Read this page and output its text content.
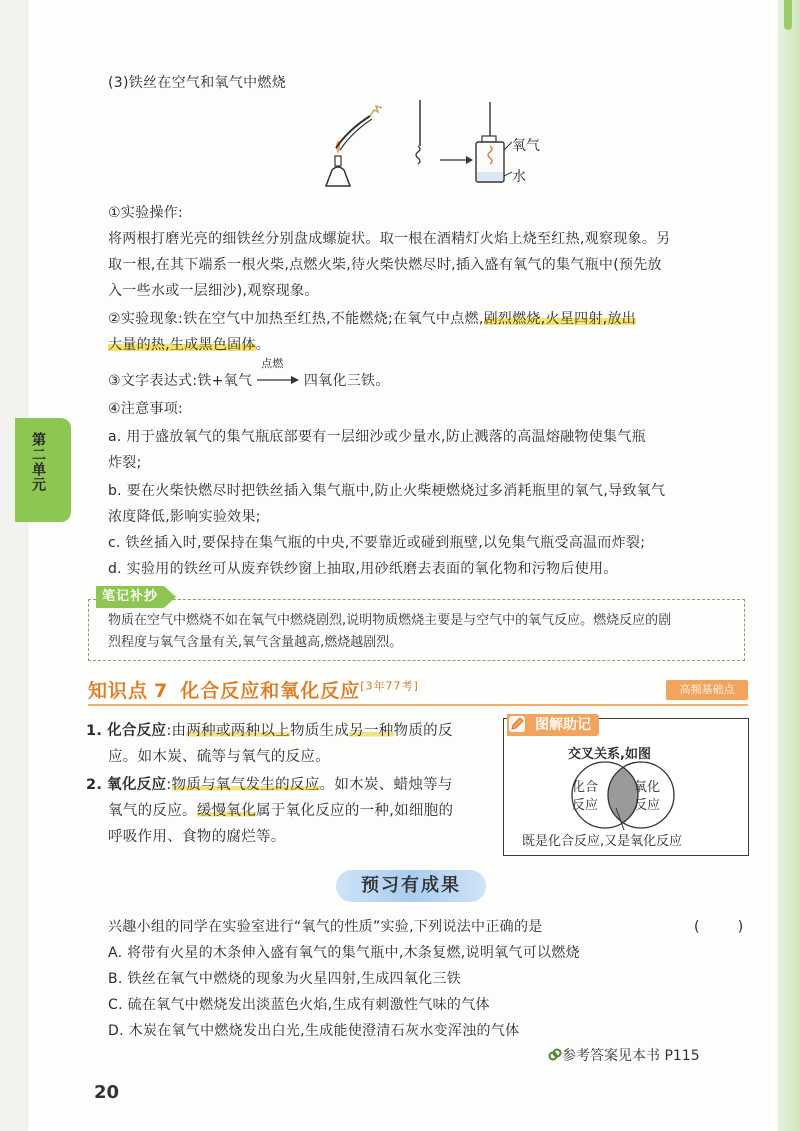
(3)铁丝在空气和氧气中燃烧
氧气
水
①实验操作:
将两根打磨光亮的细铁丝分别盘成螺旋状。取一根在酒精灯火焰上烧至红热,观察现象。另
取一根,在其下端系一根火柴,点燃火柴,待火柴快燃尽时,插入盛有氧气的集气瓶中(预先放
入一些水或一层细沙),观察现象。
②实验现象:铁在空气中加热至红热,不能燃烧;在氧气中点燃,剧烈燃烧,火星四射,放出
大量的热,生成黑色固体。
③文字表达式:铁+氧气
点燃
四氧化三铁。
④注意事项:
a. 用于盛放氧气的集气瓶底部要有一层细沙或少量水,防止溅落的高温熔融物使集气瓶
炸裂;
b. 要在火柴快燃尽时把铁丝插入集气瓶中,防止火柴梗燃烧过多消耗瓶里的氧气,导致氧气
浓度降低,影响实验效果;
c. 铁丝插入时,要保持在集气瓶的中央,不要靠近或碰到瓶壁,以免集气瓶受高温而炸裂;
d. 实验用的铁丝可从废弃铁纱窗上抽取,用砂纸磨去表面的氧化物和污物后使用。
第二单元
笔记补抄
物质在空气中燃烧不如在氧气中燃烧剧烈,说明物质燃烧主要是与空气中的氧气反应。燃烧反应的剧
烈程度与氧气含量有关,氧气含量越高,燃烧越剧烈。
知识点 7 化合反应和氧化反应[3年77考]	高频基础点
1. 化合反应:由两种或两种以上物质生成另一种物质的反
应。如木炭、硫等与氧气的反应。
2. 氧化反应:物质与氧气发生的反应。如木炭、蜡烛等与
氧气的反应。缓慢氧化属于氧化反应的一种,如细胞的
呼吸作用、食物的腐烂等。
图解助记
交叉关系,如图
化合
反应
氧化
反应
既是化合反应,又是氧化反应
预习有成果
兴趣小组的同学在实验室进行“氧气的性质”实验,下列说法中正确的是	(        )
A. 将带有火星的木条伸入盛有氧气的集气瓶中,木条复燃,说明氧气可以燃烧
B. 铁丝在氧气中燃烧的现象为火星四射,生成四氧化三铁
C. 硫在氧气中燃烧发出淡蓝色火焰,生成有刺激性气味的气体
D. 木炭在氧气中燃烧发出白光,生成能使澄清石灰水变浑浊的气体
参考答案见本书 P115
20
